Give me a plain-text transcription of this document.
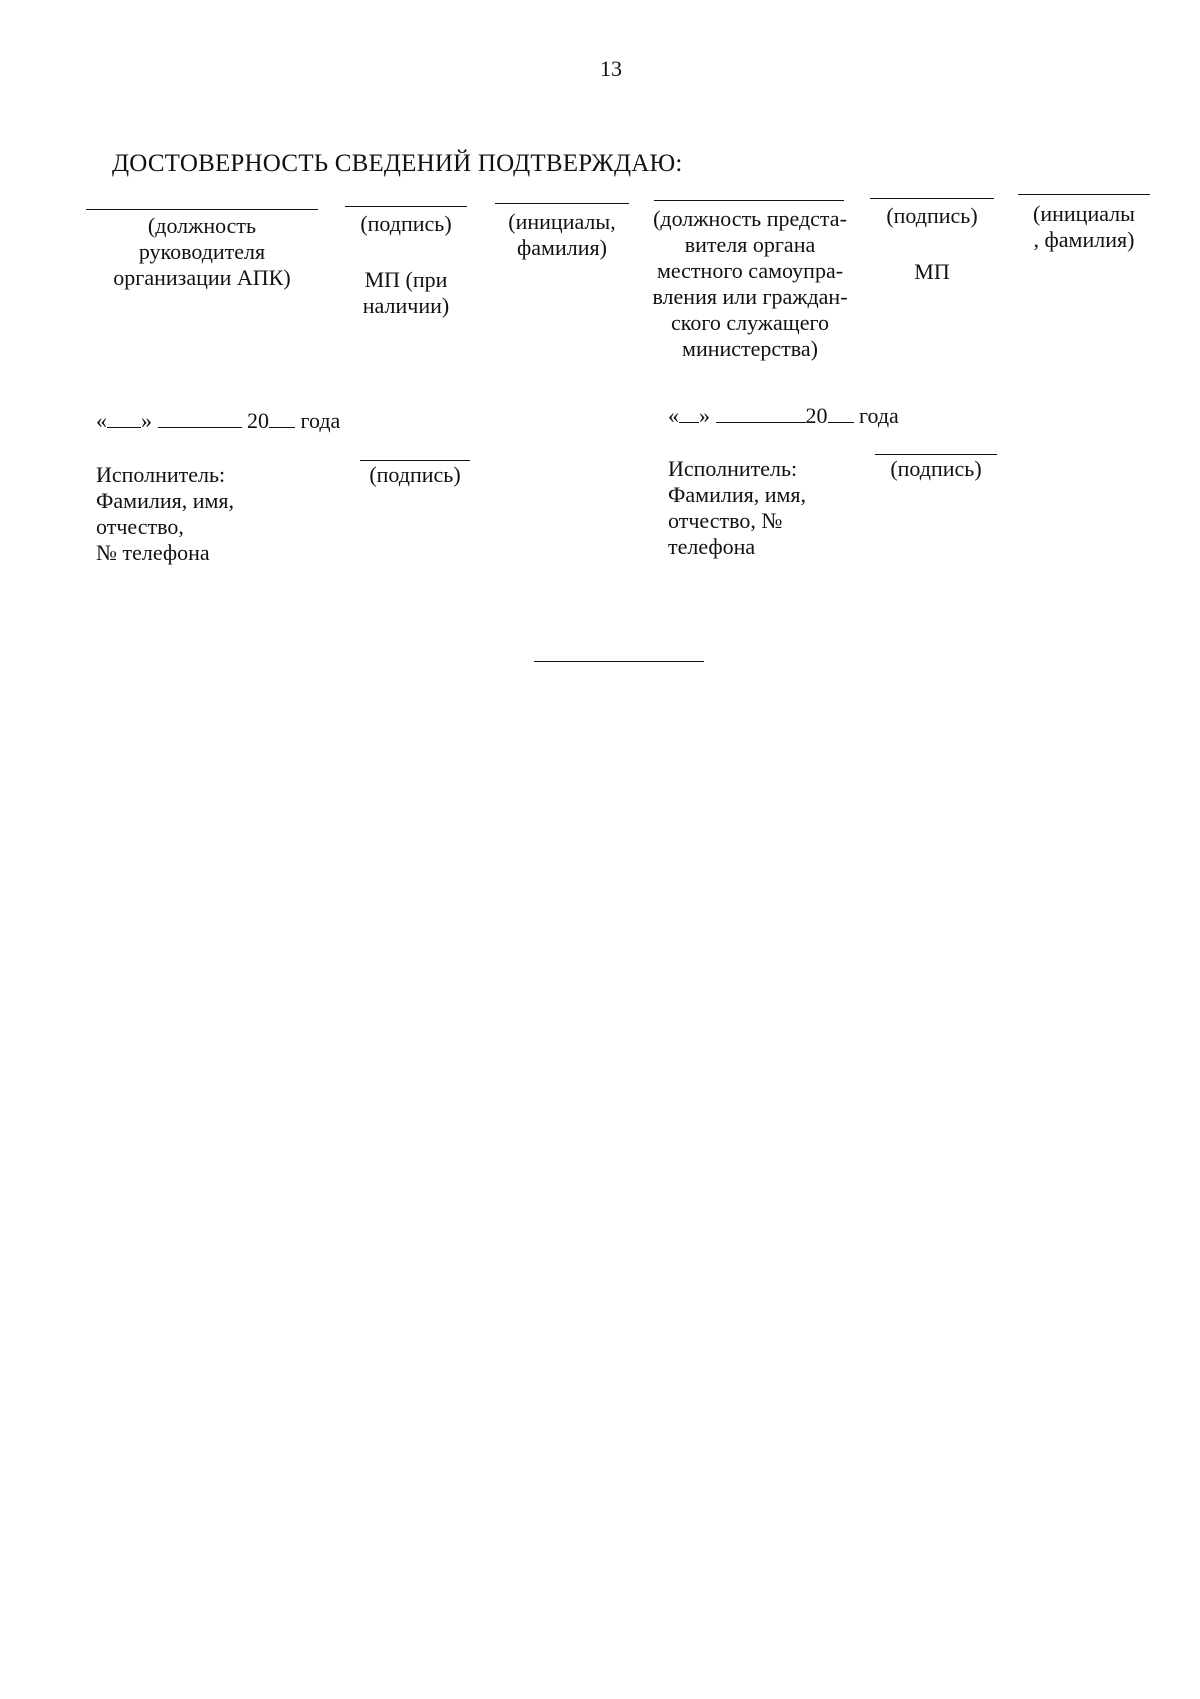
13
ДОСТОВЕРНОСТЬ СВЕДЕНИЙ ПОДТВЕРЖДАЮ:
(должность
руководителя
организации АПК)
(подпись)
МП (при
наличии)
(инициалы,
фамилия)
« »	20 года
Исполнитель:
Фамилия, имя,
отчество,
№ телефона
(подпись)
(должность предста-
вителя органа
местного самоупра-
вления или граждан-
ского служащего
министерства)
(подпись)
МП
(инициалы
, фамилия)
« »	20 года
Исполнитель:
Фамилия, имя,
отчество, №
телефона
(подпись)
